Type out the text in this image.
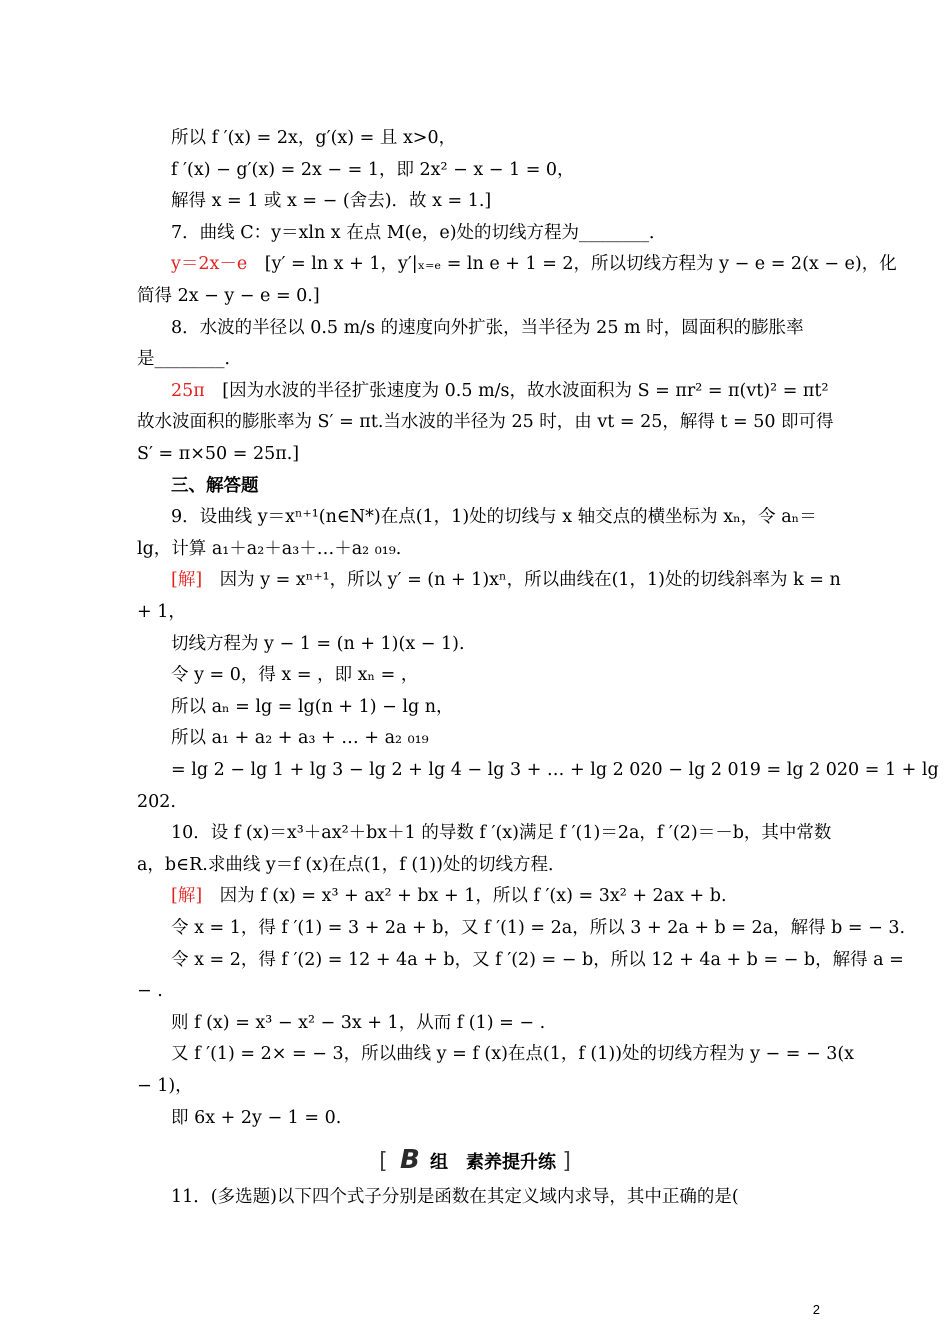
所以 f ′(x) = 2x，g′(x) = 且 x>0，
f ′(x) − g′(x) = 2x − = 1，即 2x² − x − 1 = 0，
解得 x = 1 或 x = − (舍去)．故 x = 1.]
7．曲线 C：y＝xln x 在点 M(e，e)处的切线方程为________．
y＝2x－e　[y′ = ln x + 1，y′|ₓ₌ₑ = ln e + 1 = 2，所以切线方程为 y − e = 2(x − e)，化
简得 2x − y − e = 0.]
8．水波的半径以 0.5 m/s 的速度向外扩张，当半径为 25 m 时，圆面积的膨胀率
是________．
25π　[因为水波的半径扩张速度为 0.5 m/s，故水波面积为 S = πr² = π(vt)² = πt²
故水波面积的膨胀率为 S′ = πt.当水波的半径为 25 时，由 vt = 25，解得 t = 50 即可得
S′ = π×50 = 25π.]
三、解答题
9．设曲线 y＝xⁿ⁺¹(n∈N*)在点(1，1)处的切线与 x 轴交点的横坐标为 xₙ，令 aₙ＝
lg，计算 a₁＋a₂＋a₃＋…＋a₂ ₀₁₉.
[解]　因为 y = xⁿ⁺¹，所以 y′ = (n + 1)xⁿ，所以曲线在(1，1)处的切线斜率为 k = n
+ 1，
切线方程为 y − 1 = (n + 1)(x − 1).
令 y = 0，得 x = ，即 xₙ = ，
所以 aₙ = lg = lg(n + 1) − lg n，
所以 a₁ + a₂ + a₃ + … + a₂ ₀₁₉
= lg 2 − lg 1 + lg 3 − lg 2 + lg 4 − lg 3 + … + lg 2 020 − lg 2 019 = lg 2 020 = 1 + lg
202.
10．设 f (x)＝x³＋ax²＋bx＋1 的导数 f ′(x)满足 f ′(1)＝2a，f ′(2)＝－b，其中常数
a，b∈R.求曲线 y＝f (x)在点(1，f (1))处的切线方程．
[解]　因为 f (x) = x³ + ax² + bx + 1，所以 f ′(x) = 3x² + 2ax + b.
令 x = 1，得 f ′(1) = 3 + 2a + b，又 f ′(1) = 2a，所以 3 + 2a + b = 2a，解得 b = − 3.
令 x = 2，得 f ′(2) = 12 + 4a + b，又 f ′(2) = − b，所以 12 + 4a + b = − b，解得 a =
− .
则 f (x) = x³ − x² − 3x + 1，从而 f (1) = − .
又 f ′(1) = 2× = − 3，所以曲线 y = f (x)在点(1，f (1))处的切线方程为 y − = − 3(x
− 1)，
即 6x + 2y − 1 = 0.
[ B 组　素养提升练 ]
11．(多选题)以下四个式子分别是函数在其定义域内求导，其中正确的是(
2
